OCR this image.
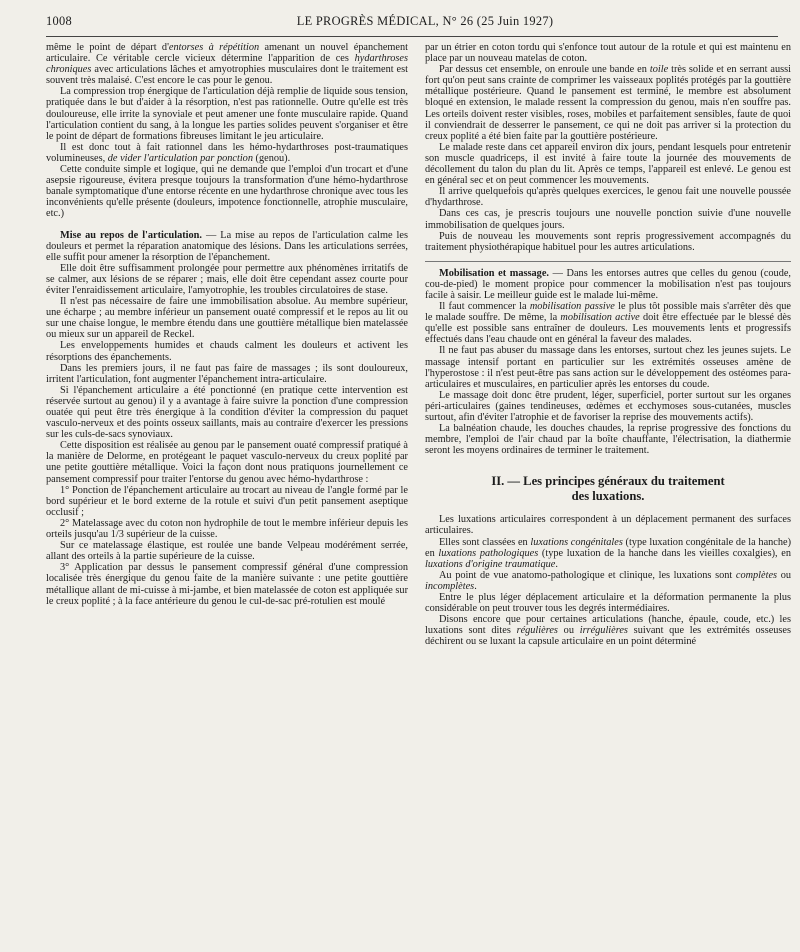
1008	LE PROGRÈS MÉDICAL, N° 26 (25 Juin 1927)

même le point de départ d'entorses à répétition amenant un nouvel épanchement articulaire. Ce véritable cercle vicieux détermine l'apparition de ces hydarthroses chroniques avec articulations lâches et amyotrophies musculaires dont le traitement est souvent très malaisé. C'est encore le cas pour le genou.

La compression trop énergique de l'articulation déjà remplie de liquide sous tension, pratiquée dans le but d'aider à la résorption, n'est pas rationnelle. Outre qu'elle est très douloureuse, elle irrite la synoviale et peut amener une fonte musculaire rapide. Quand l'articulation contient du sang, à la longue les parties solides peuvent s'organiser et être le point de départ de formations fibreuses limitant le jeu articulaire.

Il est donc tout à fait rationnel dans les hémo-hydarthroses post-traumatiques volumineuses, de vider l'articulation par ponction (genou).

Cette conduite simple et logique, qui ne demande que l'emploi d'un trocart et d'une asepsie rigoureuse, évitera presque toujours la transformation d'une hémo-hydarthrose banale symptomatique d'une entorse récente en une hydarthrose chronique avec tous les inconvénients qu'elle présente (douleurs, impotence fonctionnelle, atrophie musculaire, etc.)

Mise au repos de l'articulation. — La mise au repos de l'articulation calme les douleurs et permet la réparation anatomique des lésions. Dans les articulations serrées, elle suffit pour amener la résorption de l'épanchement.

Elle doit être suffisamment prolongée pour permettre aux phénomènes irritatifs de se calmer, aux lésions de se réparer ; mais, elle doit être cependant assez courte pour éviter l'enraidissement articulaire, l'amyotrophie, les troubles circulatoires de stase.

Il n'est pas nécessaire de faire une immobilisation absolue. Au membre supérieur, une écharpe ; au membre inférieur un pansement ouaté compressif et le repos au lit ou sur une chaise longue, le membre étendu dans une gouttière métallique bien matelassée ou mieux sur un appareil de Reckel.

Les enveloppements humides et chauds calment les douleurs et activent les résorptions des épanchements.

Dans les premiers jours, il ne faut pas faire de massages ; ils sont douloureux, irritent l'articulation, font augmenter l'épanchement intra-articulaire.

Si l'épanchement articulaire a été ponctionné (en pratique cette intervention est réservée surtout au genou) il y a avantage à faire suivre la ponction d'une compression ouatée qui peut être très énergique à la condition d'éviter la compression du paquet vasculo-nerveux et des points osseux saillants, mais au contraire d'exercer les pressions sur les culs-de-sacs synoviaux.

Cette disposition est réalisée au genou par le pansement ouaté compressif pratiqué à la manière de Delorme, en protégeant le paquet vasculo-nerveux du creux poplité par une petite gouttière métallique. Voici la façon dont nous pratiquons journellement ce pansement compressif pour traiter l'entorse du genou avec hémo-hydarthrose :

1° Ponction de l'épanchement articulaire au trocart au niveau de l'angle formé par le bord supérieur et le bord externe de la rotule et suivi d'un petit pansement aseptique occlusif ;

2° Matelassage avec du coton non hydrophile de tout le membre inférieur depuis les orteils jusqu'au 1/3 supérieur de la cuisse.

Sur ce matelassage élastique, est roulée une bande Velpeau modérément serrée, allant des orteils à la partie supérieure de la cuisse.

3° Application par dessus le pansement compressif général d'une compression localisée très énergique du genou faite de la manière suivante : une petite gouttière métallique allant de mi-cuisse à mi-jambe, et bien matelassée de coton est appliquée sur le creux poplité ; à la face antérieure du genou le cul-de-sac pré-rotulien est moulé

par un étrier en coton tordu qui s'enfonce tout autour de la rotule et qui est maintenu en place par un nouveau matelas de coton.

Par dessus cet ensemble, on enroule une bande en toile très solide et en serrant aussi fort qu'on peut sans crainte de comprimer les vaisseaux poplités protégés par la gouttière métallique postérieure. Quand le pansement est terminé, le membre est absolument bloqué en extension, le malade ressent la compression du genou, mais n'en souffre pas. Les orteils doivent rester visibles, roses, mobiles et parfaitement sensibles, faute de quoi il conviendrait de desserrer le pansement, ce qui ne doit pas arriver si la protection du creux poplité a été bien faite par la gouttière postérieure.

Le malade reste dans cet appareil environ dix jours, pendant lesquels pour entretenir son muscle quadriceps, il est invité à faire toute la journée des mouvements de décollement du talon du plan du lit. Après ce temps, l'appareil est enlevé. Le genou est en général sec et on peut commencer les mouvements.

Il arrive quelquefois qu'après quelques exercices, le genou fait une nouvelle poussée d'hydarthrose.

Dans ces cas, je prescris toujours une nouvelle ponction suivie d'une nouvelle immobilisation de quelques jours.

Puis de nouveau les mouvements sont repris progressivement accompagnés du traitement physiothérapique habituel pour les autres articulations.

Mobilisation et massage. — Dans les entorses autres que celles du genou (coude, cou-de-pied) le moment propice pour commencer la mobilisation n'est pas toujours facile à saisir. Le meilleur guide est le malade lui-même.

Il faut commencer la mobilisation passive le plus tôt possible mais s'arrêter dès que le malade souffre. De même, la mobilisation active doit être effectuée par le blessé dès qu'elle est possible sans entraîner de douleurs. Les mouvements lents et progressifs effectués dans l'eau chaude ont en général la faveur des malades.

Il ne faut pas abuser du massage dans les entorses, surtout chez les jeunes sujets. Le massage intensif portant en particulier sur les extrémités osseuses amène de l'hyperostose : il n'est peut-être pas sans action sur le développement des ostéomes para-articulaires et musculaires, en particulier après les entorses du coude.

Le massage doit donc être prudent, léger, superficiel, porter surtout sur les organes péri-articulaires (gaines tendineuses, œdèmes et ecchymoses sous-cutanées, muscles surtout, afin d'éviter l'atrophie et de favoriser la reprise des mouvements actifs).

La balnéation chaude, les douches chaudes, la reprise progressive des fonctions du membre, l'emploi de l'air chaud par la boîte chauffante, l'électrisation, la diathermie seront les moyens ordinaires de terminer le traitement.

II. — Les principes généraux du traitement
des luxations.

Les luxations articulaires correspondent à un déplacement permanent des surfaces articulaires.

Elles sont classées en luxations congénitales (type luxation congénitale de la hanche) en luxations pathologiques (type luxation de la hanche dans les vieilles coxalgies), en luxations d'origine traumatique.

Au point de vue anatomo-pathologique et clinique, les luxations sont complètes ou incomplètes.

Entre le plus léger déplacement articulaire et la déformation permanente la plus considérable on peut trouver tous les degrés intermédiaires.

Disons encore que pour certaines articulations (hanche, épaule, coude, etc.) les luxations sont dites régulières ou irrégulières suivant que les extrémités osseuses déchirent ou se luxant la capsule articulaire en un point déterminé
